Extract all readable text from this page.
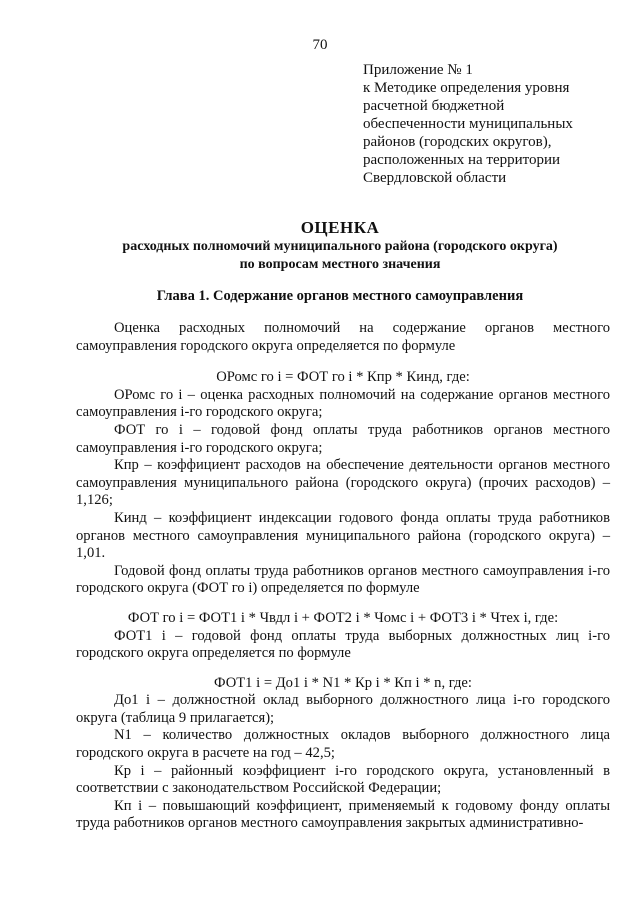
70
Приложение № 1
к Методике определения уровня
расчетной бюджетной
обеспеченности муниципальных
районов (городских округов),
расположенных на территории
Свердловской области
ОЦЕНКА
расходных полномочий муниципального района (городского округа)
по вопросам местного значения
Глава 1. Содержание органов местного самоуправления

Оценка расходных полномочий на содержание органов местного самоуправления городского округа определяется по формуле

ОРомс го i = ФОТ го i * Кпр * Кинд, где:

ОРомс го i – оценка расходных полномочий на содержание органов местного самоуправления i-го городского округа;

ФОТ го i – годовой фонд оплаты труда работников органов местного самоуправления i-го городского округа;

Кпр – коэффициент расходов на обеспечение деятельности органов местного самоуправления муниципального района (городского округа) (прочих расходов) – 1,126;

Кинд – коэффициент индексации годового фонда оплаты труда работников органов местного самоуправления муниципального района (городского округа) – 1,01.

Годовой фонд оплаты труда работников органов местного самоуправления i-го городского округа (ФОТ го i) определяется по формуле

ФОТ го i = ФОТ1 i * Чвдл i + ФОТ2 i * Чомс i + ФОТ3 i * Чтех i, где:

ФОТ1 i – годовой фонд оплаты труда выборных должностных лиц i-го городского округа определяется по формуле

ФОТ1 i = До1 i * N1 * Кр i * Кп i * n, где:

До1 i – должностной оклад выборного должностного лица i-го городского округа (таблица 9 прилагается);

N1 – количество должностных окладов выборного должностного лица городского округа в расчете на год – 42,5;

Кр i – районный коэффициент i-го городского округа, установленный в соответствии с законодательством Российской Федерации;

Кп i – повышающий коэффициент, применяемый к годовому фонду оплаты труда работников органов местного самоуправления закрытых административно-
